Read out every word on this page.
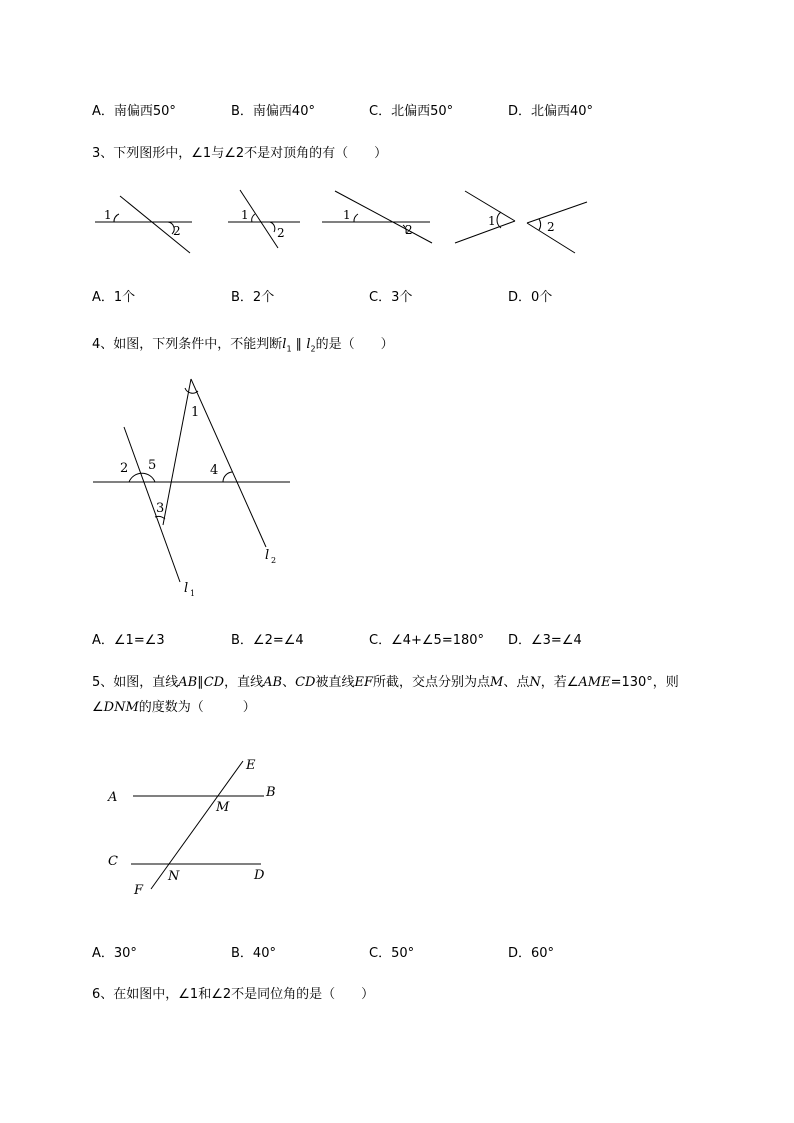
A．南偏西50°	B．南偏西40°	C．北偏西50°	D．北偏西40°
3、下列图形中，∠1与∠2不是对顶角的有（　　）
1
2
1
2
1
2
1	2
A．1个	B．2个	C．3个	D．0个
4、如图，下列条件中，不能判断$l_1$ ∥ $l_2$的是（　　）
1
2 5
3
4
l 1
l 2
A．∠1=∠3	B．∠2=∠4	C．∠4+∠5=180° D．∠3=∠4
5、如图，直线AB∥CD，直线AB、CD被直线EF所截，交点分别为点M、点N，若∠AME=130°，则
∠DNM的度数为（　　　）
A	B
C
D
E
F
M
N
A．30°	B．40°	C．50°	D．60°
6、在如图中，∠1和∠2不是同位角的是（　　）
